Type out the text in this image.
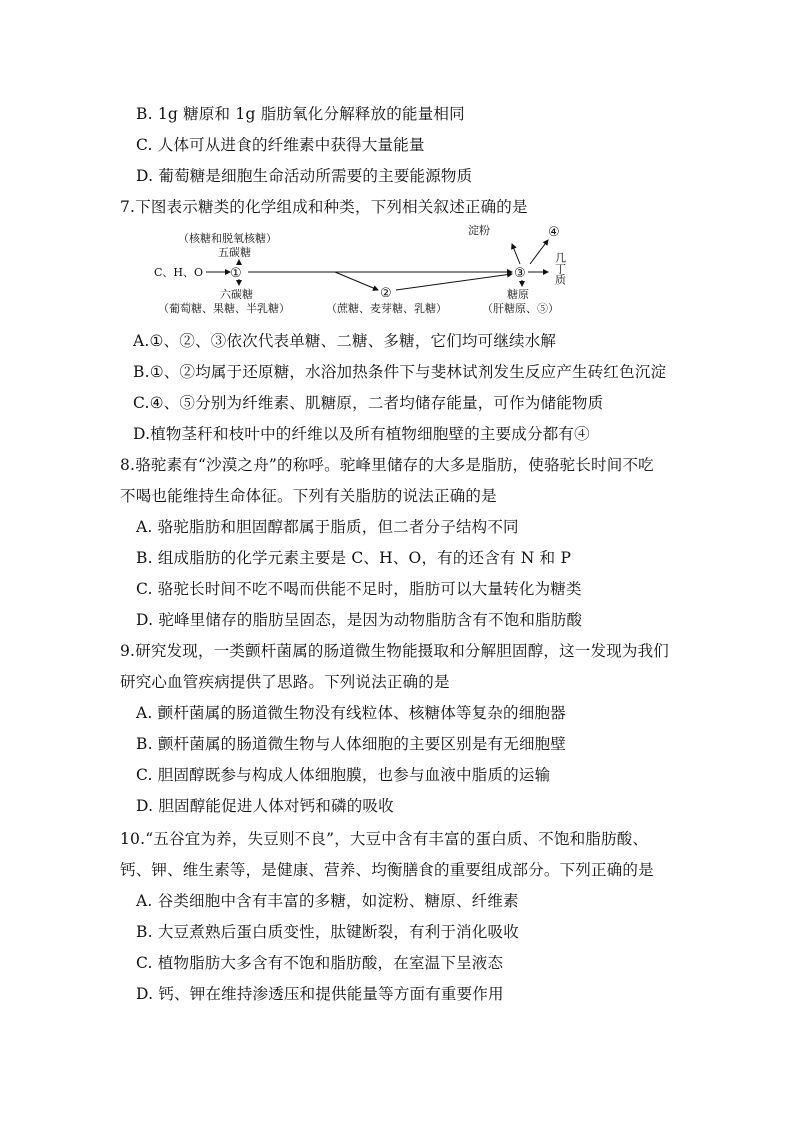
B. 1g 糖原和 1g 脂肪氧化分解释放的能量相同
C. 人体可从进食的纤维素中获得大量能量
D. 葡萄糖是细胞生命活动所需要的主要能源物质
7.下图表示糖类的化学组成和种类，下列相关叙述正确的是
（核糖和脱氧核糖）
五碳糖
C、H、O ①
六碳糖
（葡萄糖、果糖、半乳糖）
②
（蔗糖、麦芽糖、乳糖）
③
淀粉	④
几丁质
糖原
（肝糖原、⑤）
A.①、②、③依次代表单糖、二糖、多糖，它们均可继续水解
B.①、②均属于还原糖，水浴加热条件下与斐林试剂发生反应产生砖红色沉淀
C.④、⑤分别为纤维素、肌糖原，二者均储存能量，可作为储能物质
D.植物茎秆和枝叶中的纤维以及所有植物细胞壁的主要成分都有④
8.骆驼素有“沙漠之舟”的称呼。驼峰里储存的大多是脂肪，使骆驼长时间不吃
不喝也能维持生命体征。下列有关脂肪的说法正确的是
A. 骆驼脂肪和胆固醇都属于脂质，但二者分子结构不同
B. 组成脂肪的化学元素主要是 C、H、O，有的还含有 N 和 P
C. 骆驼长时间不吃不喝而供能不足时，脂肪可以大量转化为糖类
D. 驼峰里储存的脂肪呈固态，是因为动物脂肪含有不饱和脂肪酸
9.研究发现，一类颤杆菌属的肠道微生物能摄取和分解胆固醇，这一发现为我们
研究心血管疾病提供了思路。下列说法正确的是
A. 颤杆菌属的肠道微生物没有线粒体、核糖体等复杂的细胞器
B. 颤杆菌属的肠道微生物与人体细胞的主要区别是有无细胞壁
C. 胆固醇既参与构成人体细胞膜，也参与血液中脂质的运输
D. 胆固醇能促进人体对钙和磷的吸收
10.“五谷宜为养，失豆则不良”，大豆中含有丰富的蛋白质、不饱和脂肪酸、
钙、钾、维生素等，是健康、营养、均衡膳食的重要组成部分。下列正确的是
A. 谷类细胞中含有丰富的多糖，如淀粉、糖原、纤维素
B. 大豆煮熟后蛋白质变性，肽键断裂，有利于消化吸收
C. 植物脂肪大多含有不饱和脂肪酸，在室温下呈液态
D. 钙、钾在维持渗透压和提供能量等方面有重要作用
